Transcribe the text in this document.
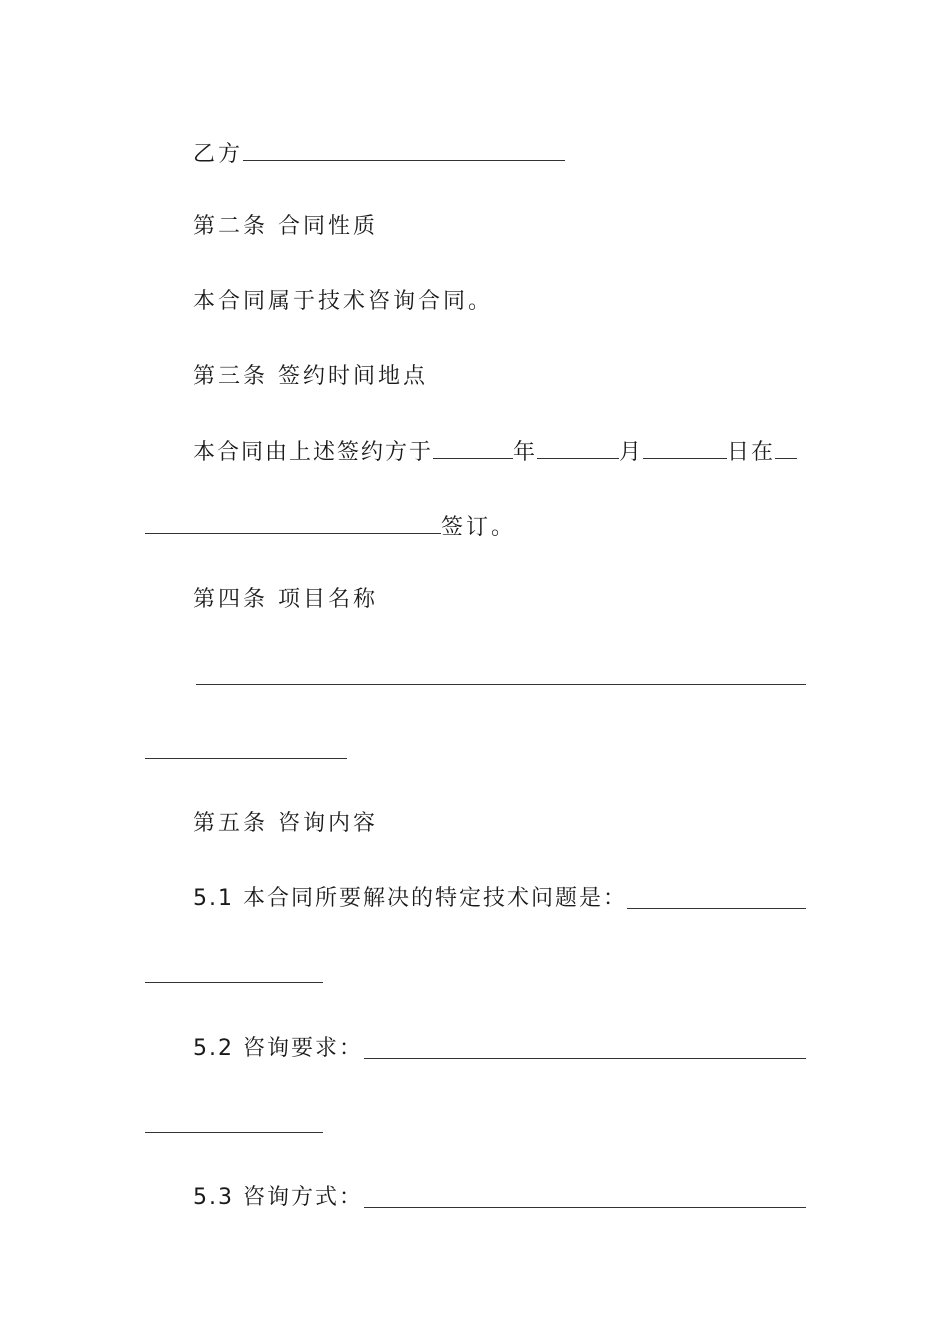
乙方
第二条 合同性质
本合同属于技术咨询合同。
第三条 签约时间地点
本合同由上述签约方于	年	月	日在
签订。
第四条 项目名称
第五条 咨询内容
5.1 本合同所要解决的特定技术问题是：
5.2 咨询要求：
5.3 咨询方式：
